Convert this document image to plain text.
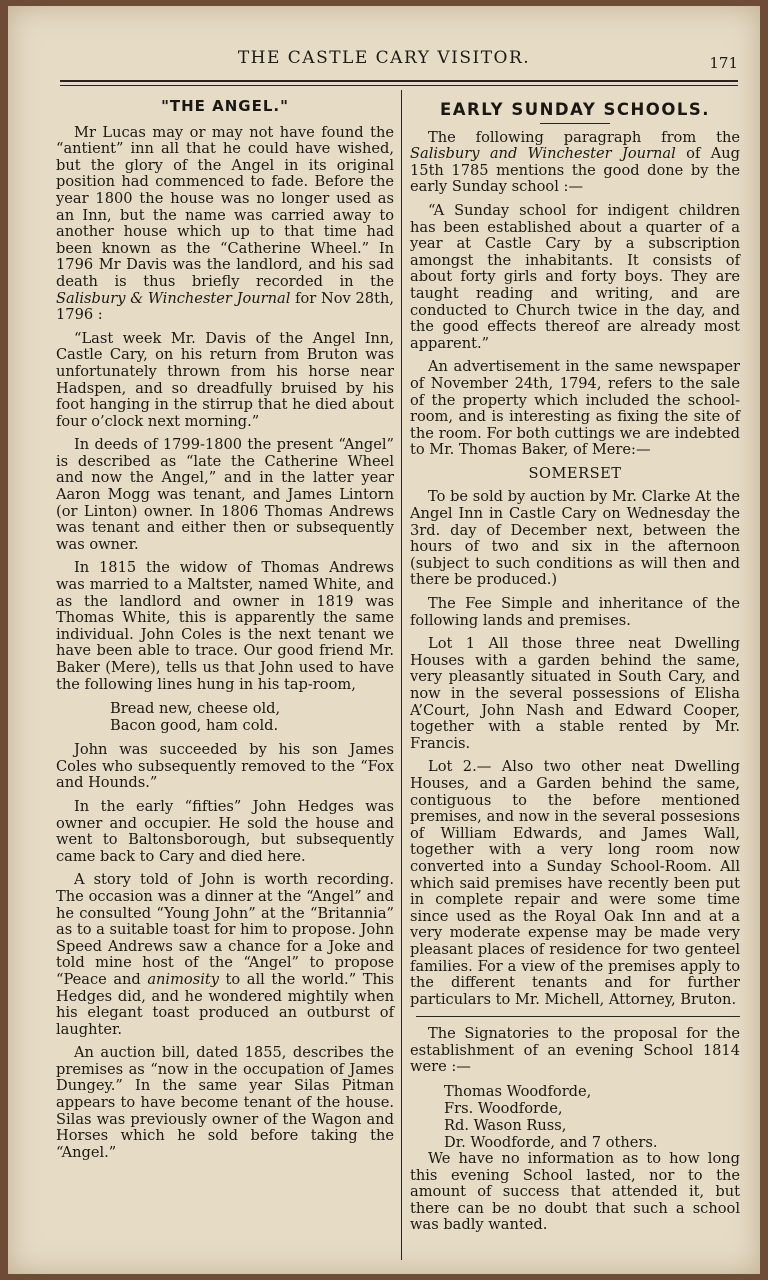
THE CASTLE CARY VISITOR.	171
"THE ANGEL."

Mr Lucas may or may not have found the “antient” inn all that he could have wished, but the glory of the Angel in its original position had commenced to fade. Before the year 1800 the house was no longer used as an Inn, but the name was carried away to another house which up to that time had been known as the “Catherine Wheel.” In 1796 Mr Davis was the landlord, and his sad death is thus briefly recorded in the Salisbury & Winchester Journal for Nov 28th, 1796 :

“Last week Mr. Davis of the Angel Inn, Castle Cary, on his return from Bruton was unfortunately thrown from his horse near Hadspen, and so dreadfully bruised by his foot hanging in the stirrup that he died about four o’clock next morning.”

In deeds of 1799-1800 the present “Angel” is described as “late the Catherine Wheel and now the Angel,” and in the latter year Aaron Mogg was tenant, and James Lintorn (or Linton) owner. In 1806 Thomas Andrews was tenant and either then or subsequently was owner.

In 1815 the widow of Thomas Andrews was married to a Maltster, named White, and as the landlord and owner in 1819 was Thomas White, this is apparently the same individual. John Coles is the next tenant we have been able to trace. Our good friend Mr. Baker (Mere), tells us that John used to have the following lines hung in his tap-room,

Bread new, cheese old,
Bacon good, ham cold.

John was succeeded by his son James Coles who subsequently removed to the “Fox and Hounds.”

In the early “fifties” John Hedges was owner and occupier. He sold the house and went to Baltonsborough, but subsequently came back to Cary and died here.

A story told of John is worth recording. The occasion was a dinner at the “Angel” and he consulted “Young John” at the “Britannia” as to a suitable toast for him to propose. John Speed Andrews saw a chance for a Joke and told mine host of the “Angel” to propose “Peace and animosity to all the world.” This Hedges did, and he wondered mightily when his elegant toast produced an outburst of laughter.

An auction bill, dated 1855, describes the premises as “now in the occupation of James Dungey.” In the same year Silas Pitman appears to have become tenant of the house. Silas was previously owner of the Wagon and Horses which he sold before taking the “Angel.”

EARLY SUNDAY SCHOOLS.

The following paragraph from the Salisbury and Winchester Journal of Aug 15th 1785 mentions the good done by the early Sunday school :—

“A Sunday school for indigent children has been established about a quarter of a year at Castle Cary by a subscription amongst the inhabitants. It consists of about forty girls and forty boys. They are taught reading and writing, and are conducted to Church twice in the day, and the good effects thereof are already most apparent.”

An advertisement in the same newspaper of November 24th, 1794, refers to the sale of the property which included the school-room, and is interesting as fixing the site of the room. For both cuttings we are indebted to Mr. Thomas Baker, of Mere:—

SOMERSET

To be sold by auction by Mr. Clarke At the Angel Inn in Castle Cary on Wednesday the 3rd. day of December next, between the hours of two and six in the afternoon (subject to such conditions as will then and there be produced.)

The Fee Simple and inheritance of the following lands and premises.

Lot 1 All those three neat Dwelling Houses with a garden behind the same, very pleasantly situated in South Cary, and now in the several possessions of Elisha A’Court, John Nash and Edward Cooper, together with a stable rented by Mr. Francis.

Lot 2.— Also two other neat Dwelling Houses, and a Garden behind the same, contiguous to the before mentioned premises, and now in the several possesions of William Edwards, and James Wall, together with a very long room now converted into a Sunday School-Room. All which said premises have recently been put in complete repair and were some time since used as the Royal Oak Inn and at a very moderate expense may be made very pleasant places of residence for two genteel families. For a view of the premises apply to the different tenants and for further particulars to Mr. Michell, Attorney, Bruton.

The Signatories to the proposal for the establishment of an evening School 1814 were :—

Thomas Woodforde,
Frs. Woodforde,
Rd. Wason Russ,
Dr. Woodforde, and 7 others.

We have no information as to how long this evening School lasted, nor to the amount of success that attended it, but there can be no doubt that such a school was badly wanted.
